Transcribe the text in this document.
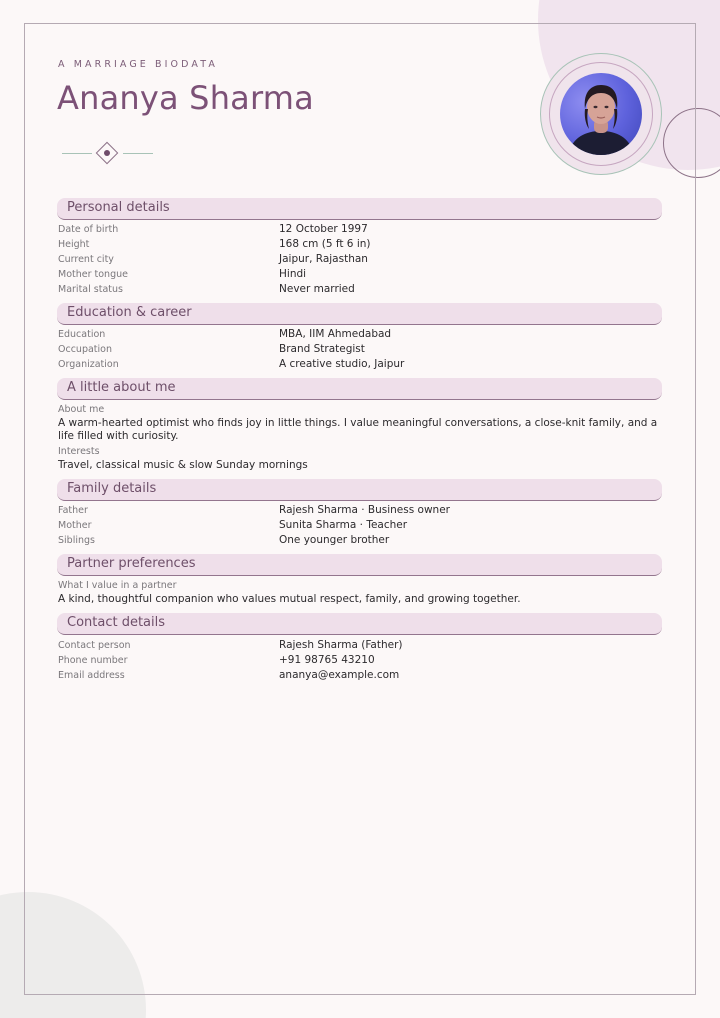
A MARRIAGE BIODATA
Ananya Sharma
Personal details
Date of birth	12 October 1997
Height	168 cm (5 ft 6 in)
Current city	Jaipur, Rajasthan
Mother tongue	Hindi
Marital status	Never married
Education & career
Education	MBA, IIM Ahmedabad
Occupation	Brand Strategist
Organization	A creative studio, Jaipur
A little about me
About me
A warm-hearted optimist who finds joy in little things. I value meaningful conversations, a close-knit family, and a life filled with curiosity.
Interests
Travel, classical music & slow Sunday mornings
Family details
Father	Rajesh Sharma · Business owner
Mother	Sunita Sharma · Teacher
Siblings	One younger brother
Partner preferences
What I value in a partner
A kind, thoughtful companion who values mutual respect, family, and growing together.
Contact details
Contact person	Rajesh Sharma (Father)
Phone number	+91 98765 43210
Email address	ananya@example.com
